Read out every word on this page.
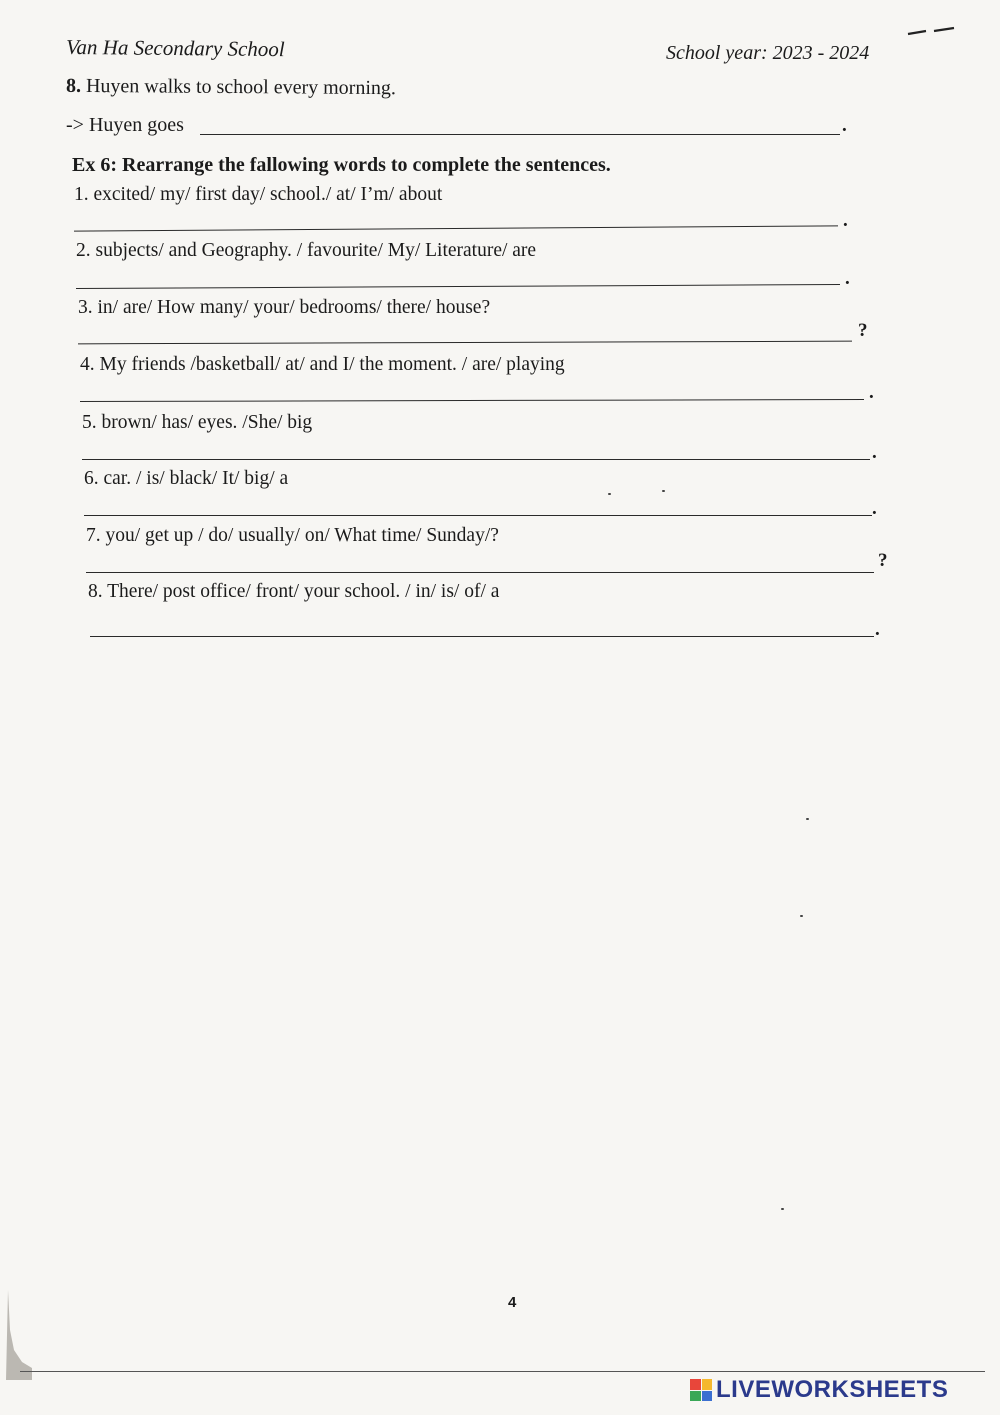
Van Ha Secondary School	School year: 2023 - 2024
8. Huyen walks to school every morning.
-> Huyen goes	.
Ex 6: Rearrange the fallowing words to complete the sentences.
1. excited/ my/ first day/ school./ at/ I’m/ about
.
2. subjects/ and Geography. / favourite/ My/ Literature/ are
.
3. in/ are/ How many/ your/ bedrooms/ there/ house?
?
4. My friends /basketball/ at/ and I/ the moment. / are/ playing
.
5. brown/ has/ eyes. /She/ big
.
6. car. / is/ black/ It/ big/ a
.
7. you/ get up / do/ usually/ on/ What time/ Sunday/?
?
8. There/ post office/ front/ your school. / in/ is/ of/ a
.
4
LIVEWORKSHEETS
